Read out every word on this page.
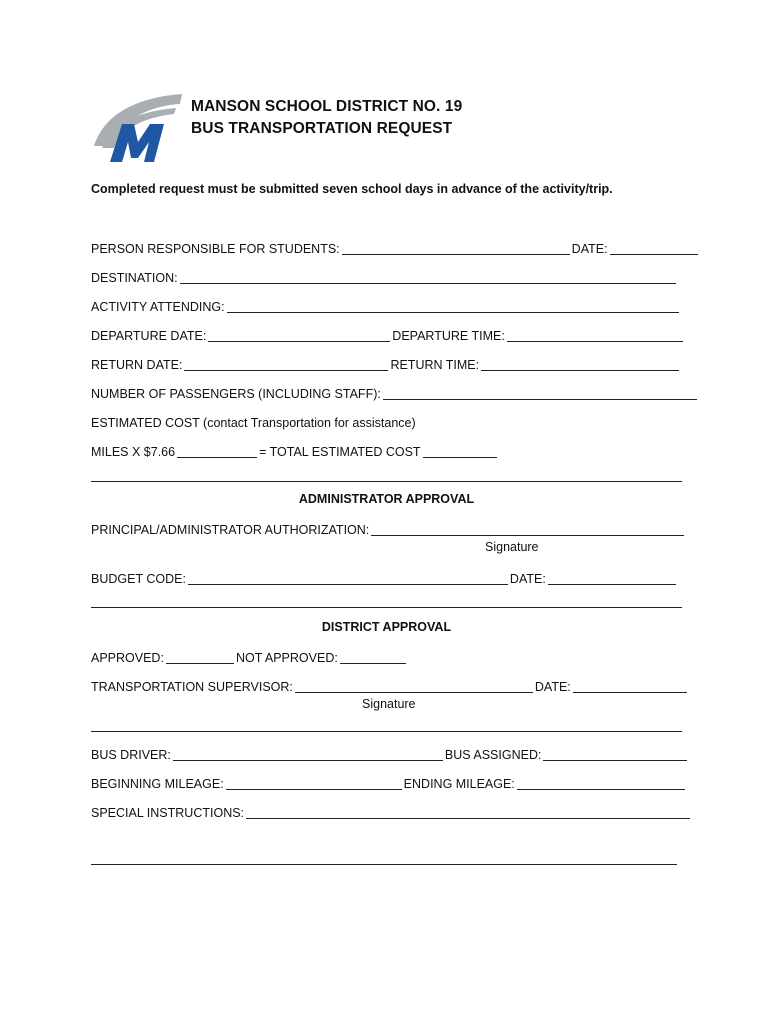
MANSON SCHOOL DISTRICT NO. 19
BUS TRANSPORTATION REQUEST
Completed request must be submitted seven school days in advance of the activity/trip.
PERSON RESPONSIBLE FOR STUDENTS:	DATE:
DESTINATION:
ACTIVITY ATTENDING:
DEPARTURE DATE:	DEPARTURE TIME:
RETURN DATE:	RETURN TIME:
NUMBER OF PASSENGERS (INCLUDING STAFF):
ESTIMATED COST (contact Transportation for assistance)
MILES X $7.66	= TOTAL ESTIMATED COST
ADMINISTRATOR APPROVAL
PRINCIPAL/ADMINISTRATOR AUTHORIZATION:
Signature
BUDGET CODE:	DATE:
DISTRICT APPROVAL
APPROVED:	NOT APPROVED:
TRANSPORTATION SUPERVISOR:	DATE:
Signature
BUS DRIVER:	BUS ASSIGNED:
BEGINNING MILEAGE:	ENDING MILEAGE:
SPECIAL INSTRUCTIONS:
